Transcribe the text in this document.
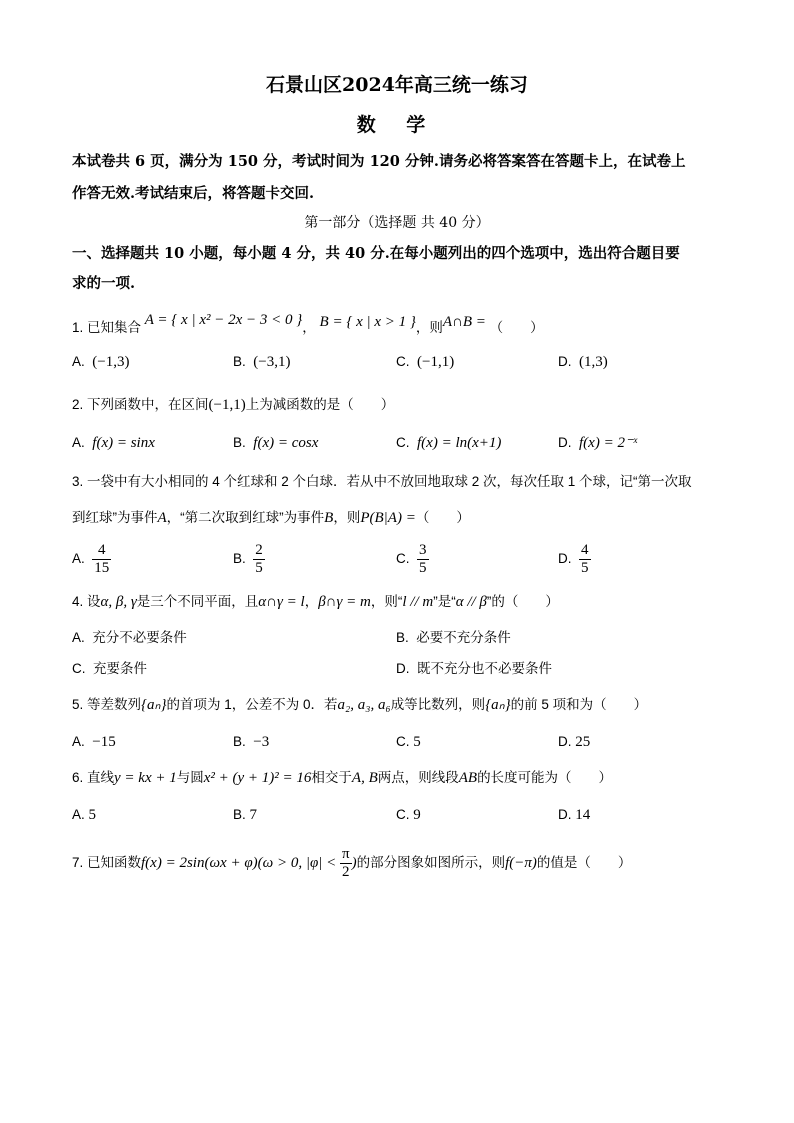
石景山区2024年高三统一练习
数 学
本试卷共 6 页，满分为 150 分，考试时间为 120 分钟.请务必将答案答在答题卡上，在试卷上
作答无效.考试结束后，将答题卡交回.
第一部分（选择题 共 40 分）
一、选择题共 10 小题，每小题 4 分，共 40 分.在每小题列出的四个选项中，选出符合题目要
求的一项.
1. 已知集合 A = { x | x² − 2x − 3 < 0 }， B = { x | x > 1 }，则A∩B = （　　）
A. (−1,3)	B. (−3,1)	C. (−1,1)	D. (1,3)
2. 下列函数中，在区间(−1,1)上为减函数的是（　　）
A. f(x) = sinx	B. f(x) = cosx	C. f(x) = ln(x+1)	D. f(x) = 2⁻ˣ
3. 一袋中有大小相同的 4 个红球和 2 个白球．若从中不放回地取球 2 次，每次任取 1 个球，记“第一次取
到红球”为事件A，“第二次取到红球”为事件B，则P(B|A) =（　　）
A. $\frac{4}{15}$	B. $\frac{2}{5}$	C. $\frac{3}{5}$	D. $\frac{4}{5}$
4. 设α, β, γ是三个不同平面，且α∩γ = l，β∩γ = m，则“l // m”是“α // β”的（　　）
A. 充分不必要条件	B. 必要不充分条件
C. 充要条件	D. 既不充分也不必要条件
5. 等差数列{aₙ}的首项为 1，公差不为 0．若a₂, a₃, a₆成等比数列，则{aₙ}的前 5 项和为（　　）
A. −15	B. −3	C. 5	D. 25
6. 直线y = kx + 1与圆x² + (y + 1)² = 16相交于A, B两点，则线段AB的长度可能为（　　）
A. 5	B. 7	C. 9	D. 14
7. 已知函数f(x) = 2sin(ωx + φ)(ω > 0, $|\varphi| < \frac{\pi}{2}$ )的部分图象如图所示，则f(−π)的值是（　　）
